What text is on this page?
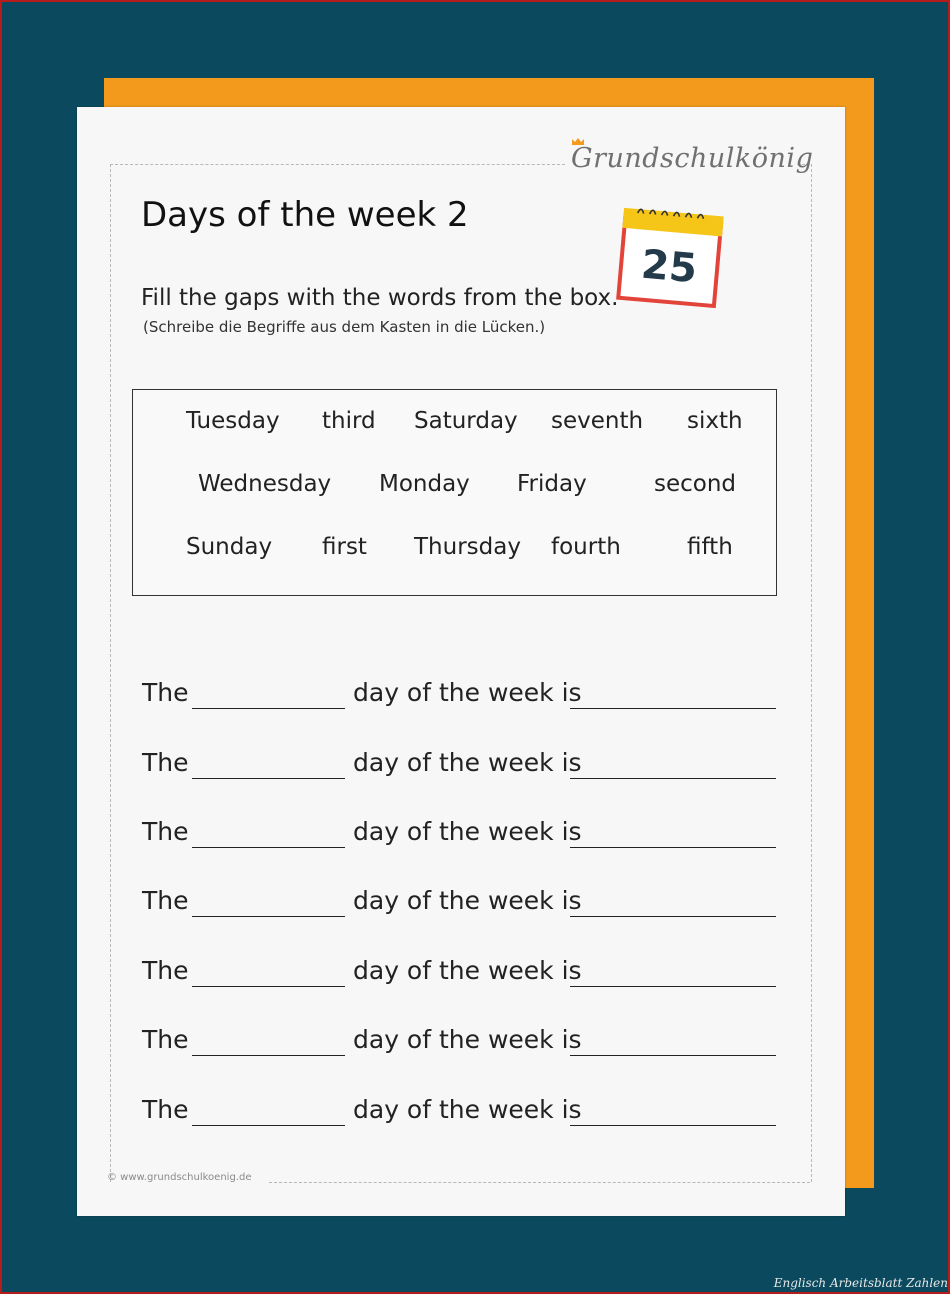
Grundschulkönig
Days of the week 2
25
Fill the gaps with the words from the box.
(Schreibe die Begriffe aus dem Kasten in die Lücken.)
Tuesday third Saturday seventh sixth
Wednesday Monday Friday	second
Sunday first Thursday fourth	fifth
The	day of the week is
The	day of the week is
The	day of the week is
The	day of the week is
The	day of the week is
The	day of the week is
The	day of the week is
© www.grundschulkoenig.de
Englisch Arbeitsblatt Zahlen
